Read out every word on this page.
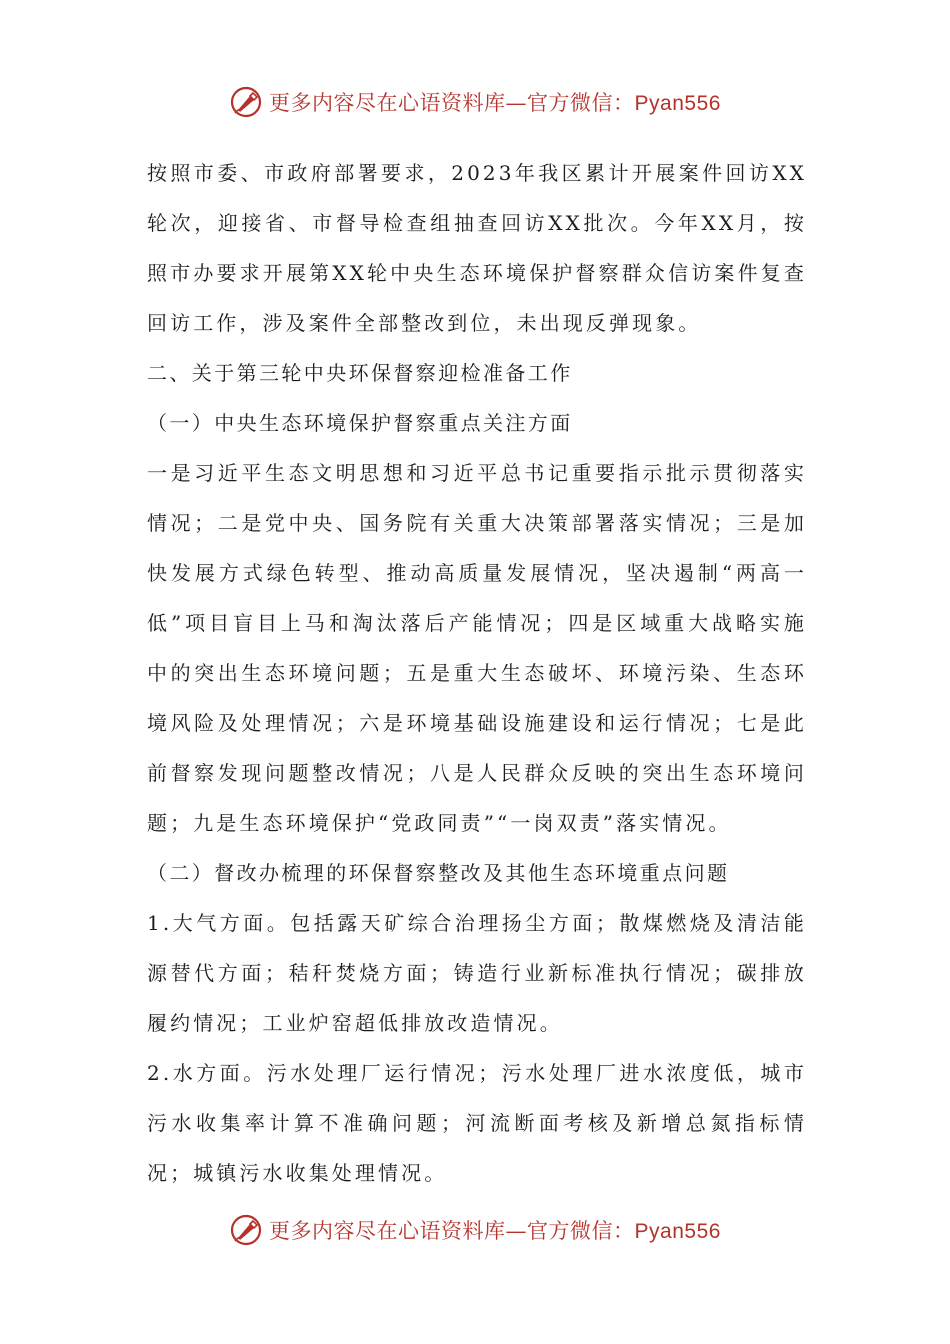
更多内容尽在心语资料库—官方微信：Pyan556

按照市委、市政府部署要求，2023年我区累计开展案件回访XX轮次，迎接省、市督导检查组抽查回访XX批次。今年XX月，按照市办要求开展第XX轮中央生态环境保护督察群众信访案件复查回访工作，涉及案件全部整改到位，未出现反弹现象。

二、关于第三轮中央环保督察迎检准备工作

（一）中央生态环境保护督察重点关注方面

一是习近平生态文明思想和习近平总书记重要指示批示贯彻落实情况；二是党中央、国务院有关重大决策部署落实情况；三是加快发展方式绿色转型、推动高质量发展情况，坚决遏制“两高一低”项目盲目上马和淘汰落后产能情况；四是区域重大战略实施中的突出生态环境问题；五是重大生态破坏、环境污染、生态环境风险及处理情况；六是环境基础设施建设和运行情况；七是此前督察发现问题整改情况；八是人民群众反映的突出生态环境问题；九是生态环境保护“党政同责”“一岗双责”落实情况。

（二）督改办梳理的环保督察整改及其他生态环境重点问题

1.大气方面。包括露天矿综合治理扬尘方面；散煤燃烧及清洁能源替代方面；秸秆焚烧方面；铸造行业新标准执行情况；碳排放履约情况；工业炉窑超低排放改造情况。

2.水方面。污水处理厂运行情况；污水处理厂进水浓度低，城市污水收集率计算不准确问题；河流断面考核及新增总氮指标情况；城镇污水收集处理情况。

更多内容尽在心语资料库—官方微信：Pyan556
